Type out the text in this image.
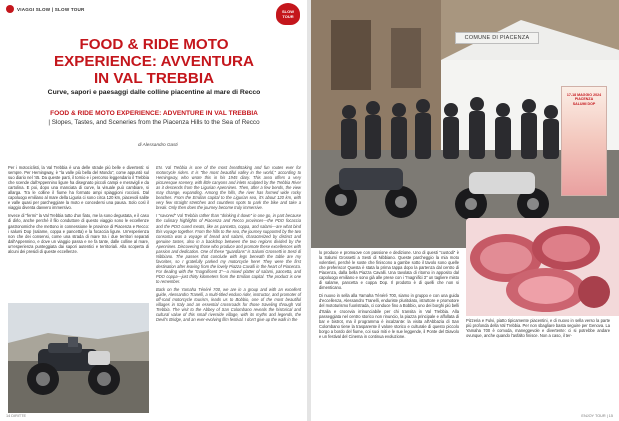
VIAGGI SLOW | SLOW TOUR	SLOW
TOUR
FOOD & RIDE MOTO
EXPERIENCE: AVVENTURA
IN VAL TREBBIA
Curve, sapori e paesaggi dalle colline piacentine al mare di Recco
FOOD & RIDE MOTO EXPERIENCE: ADVENTURE IN VAL TREBBIA
| Slopes, Tastes, and Sceneries from the Piacenza Hills to the Sea of Recco
di Alessandro Gasti

Per i motociclisti, la Val Trebbia è una delle strade più belle e divertenti: si sempre. Per Hemingway, è "la valle più bella del Mondo", come appuntò sul suo diario nel '45. Da queste parti, il tornio e i percorso leggendario il Trebbia che scende dall'Appennino ligure ha disegnato piccoli campi e meravigli e da cartolina. E poi, dopo una manciata di curve, la visuale può cambiare, si allarga. Tra le colline il fiume ha formato ampi spiaggioni rocciosi. Dal capoluogo emiliano al mare della Liguria ci sono circa 120 km, piacevoli salite e valle quasi per parcheggiare la moto e concedersi una pausa. Solo così il viaggio diventa davvero immersivo.

Invece di "fermi" la Val Trebbia tutto d'un fiato, me la sono degustata, e il caso di dirlo, anche perché il filo conduttore di questo viaggio sono le eccellenze gastronomiche che mettono in connessione le province di Piacenza e Recco: i salumi Dop (salame, coppa e pancetta) e la focaccia ligure. Un'esperienza non che dei consensi, come una strada di mare tra i due territori separati dall'Appennino, e dove un viaggio passa e ne fa tante, dalle colline al mare, un'esperienza punteggiata dai sapori autentici e territoriali. Alla scoperta di alcuni dei presidi di queste eccellenze.

EN. Val Trebbia is one of the most breathtaking and fun routes ever for motorcycle riders. It is "the most beautiful valley in the world," according to Hemingway, who wrote this in his 1945 diary. This area offers a very picturesque scenery, with little canyons and inlets sculpted by the Trebbia River as it descends from the Ligurian Apennines. Then, after a few bends, the view may change, expanding. Among the hills, the river has formed wide rocky beaches. From the Emilian capital to the Ligurian sea, it's about 120 km, with very few straight stretches and countless spots to park the bike and take a break. Only then does the journey become truly immersive.

I "savored" Val Trebbia rather than "drinking it down" in one go, in part because the culinary highlights of Piacenza and Recco provinces—the PDO focaccia and the PDO cured meats, like as pancetta, coppa, and salami—are what bind this voyage together. From the hills to the sea, the journey supported by the two consortia was a voyage of bread and salami, characterized by distinct and genuine tastes, also in a backdrop between the two regions divided by the Apennines. Discovering those who produce and promote these excellences with passion and dedication. One of these "guardians" is Salumi Grossetti in Sesti di Nibbiano. The passes that conclude with legs beneath the table are my favorites, so I gratefully parked my motorcycle here! They were the first destination after leaving from the lovely Piazza Cavalli in the heart of Piacenza. For dealing with the "magnificent 3"—a mixed platter of salami, pancetta, and PDO coppa—just thirty kilometers from the Emilian capital. The product is one to remember.

Back on the Yamaha Ténéré 700, we are in a group and with an excellent guide, Alessandro Tranelli, a multi-titled enduro rider, instructor, and promoter of off-road motorcycle tourism, leads us to Bobbio, one of the most beautiful villages in Italy and an essential crossroads for those traveling through Val Trebbia. The visit to the Abbey of San Colombano reveals the historical and cultural value of this small riverside village, with its myths and legends, the Devil's Bridge, and an ever-evolving film festival. I don't give up the walk in the

14 DIRITTE
COMUNE DI PIACENZA
17-18 MAGGIO 2024
PIACENZA
SALUMI DOP

lo produce e promuove con passione e dedizione. Uno di questi "custodi" è la Salumi Grossetti a Sesti di Nibbiano. Queste parcheggio la mia moto volentieri, perché le soste che finiscono a gambe sotto il tavolo sono quelle che preferisco! Questa è stata la prima tappa dopo la partenza dal centro di Piacenza, dalla bella Piazza Cavalli. Una tavolata di ritorno in apposito dal capoluogo emiliano e sono già alle prese con i "magnifici 3" un tagliere misto di salame, pancetta e coppa Dop. Il prodotto è di quelli che non si dimenticano.

Di nuovo in sella alla Yamaha Ténéré 700, siamo in gruppo e con una guida d'eccellenza, Alessandro Tranelli, enduriste pluritolato, istruttore e promotore del mototurismo fuoristrada, ci conduce fino a Bobbio, uno dei borghi più belli d'Italia e crocevia irrinunciabile per chi transita in Val Trebbia. Alla passeggiata nel centro storico non rinuncio, la piazza principale e affollata di bar e bistrot, ma il programma è incalzante: la visita all'Abbazia di San Colombano tiene la trasparente il valore storico e culturale di questo piccolo borgo a bordo del fiume, coi suoi miti e le sue leggende, il Ponte del Diavolo e un festival del Cinema in continua evoluzione.

Pizzeria e Fulvi, piatto tipicamente piacentini, e di nuovo in sella verso la parte più profonda della Val Trebbia. Per non sbagliare basta seguire per Genova. La Yamaha 700 è comoda, maneggevole e divertente: ci si potrebbe andare ovunque, anche quando l'asfalto finisce. Non a caso, il ter-

ENJOY TOUR | 15
